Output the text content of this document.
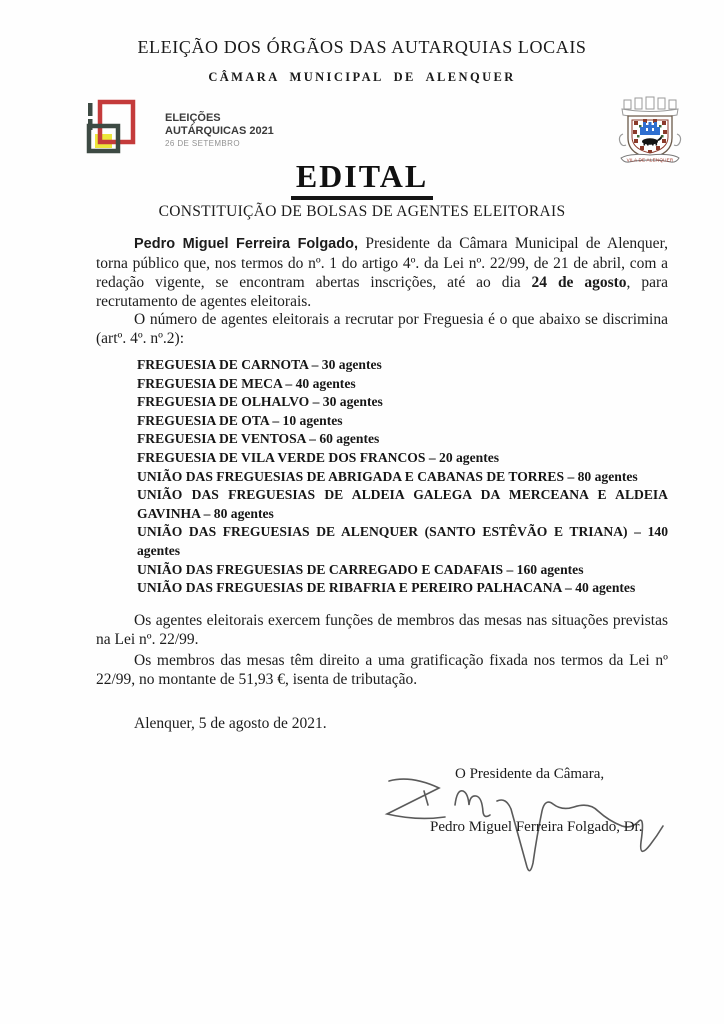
ELEIÇÃO DOS ÓRGÃOS DAS AUTARQUIAS LOCAIS
CÂMARA MUNICIPAL DE ALENQUER
ELEIÇÕES
AUTÁRQUICAS 2021
26 DE SETEMBRO
VILA DE ALENQUER
EDITAL
CONSTITUIÇÃO DE BOLSAS DE AGENTES ELEITORAIS

Pedro Miguel Ferreira Folgado, Presidente da Câmara Municipal de Alenquer, torna público que, nos termos do nº. 1 do artigo 4º. da Lei nº. 22/99, de 21 de abril, com a redação vigente, se encontram abertas inscrições, até ao dia 24 de agosto, para recrutamento de agentes eleitorais.

O número de agentes eleitorais a recrutar por Freguesia é o que abaixo se discrimina (artº. 4º. nº.2):

FREGUESIA DE CARNOTA – 30 agentes

FREGUESIA DE MECA – 40 agentes

FREGUESIA DE OLHALVO – 30 agentes

FREGUESIA DE OTA – 10 agentes

FREGUESIA DE VENTOSA – 60 agentes

FREGUESIA DE VILA VERDE DOS FRANCOS – 20 agentes

UNIÃO DAS FREGUESIAS DE ABRIGADA E CABANAS DE TORRES – 80 agentes

UNIÃO DAS FREGUESIAS DE ALDEIA GALEGA DA MERCEANA E ALDEIA GAVINHA – 80 agentes

UNIÃO DAS FREGUESIAS DE ALENQUER (SANTO ESTÊVÃO E TRIANA) – 140 agentes

UNIÃO DAS FREGUESIAS DE CARREGADO E CADAFAIS – 160 agentes

UNIÃO DAS FREGUESIAS DE RIBAFRIA E PEREIRO PALHACANA – 40 agentes

Os agentes eleitorais exercem funções de membros das mesas nas situações previstas na Lei nº. 22/99.

Os membros das mesas têm direito a uma gratificação fixada nos termos da Lei nº 22/99, no montante de 51,93 €, isenta de tributação.

Alenquer, 5 de agosto de 2021.

O Presidente da Câmara,
Pedro Miguel Ferreira Folgado, Dr.
